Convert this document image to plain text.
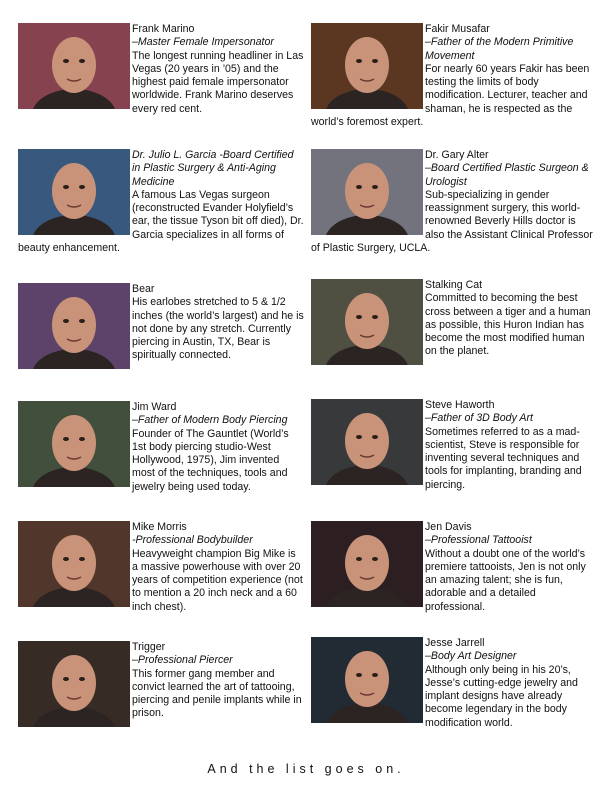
Frank Marino
–Master Female Impersonator
The longest running headliner in Las Vegas (20 years in ’05) and the highest paid female impersonator worldwide. Frank Marino deserves every red cent.
Dr. Julio L. Garcia -Board Certified in Plastic Surgery & Anti-Aging Medicine
A famous Las Vegas surgeon (reconstructed Evander Holyfield’s ear, the tissue Tyson bit off died), Dr. Garcia specializes in all forms of beauty enhancement.
Bear
His earlobes stretched to 5 & 1/2 inches (the world’s largest) and he is not done by any stretch. Currently piercing in Austin, TX, Bear is spiritually connected.
Jim Ward
–Father of Modern Body Piercing
Founder of The Gauntlet (World’s 1st body piercing studio-West Hollywood, 1975), Jim invented most of the techniques, tools and jewelry being used today.
Mike Morris
-Professional Bodybuilder
Heavyweight champion Big Mike is a massive powerhouse with over 20 years of competition experience (not to mention a 20 inch neck and a 60 inch chest).
Trigger
–Professional Piercer
This former gang member and convict learned the art of tattooing, piercing and penile implants while in prison.
Fakir Musafar
–Father of the Modern Primitive Movement
For nearly 60 years Fakir has been testing the limits of body modification. Lecturer, teacher and shaman, he is respected as the world’s foremost expert.
Dr. Gary Alter
–Board Certified Plastic Surgeon & Urologist
Sub-specializing in gender reassignment surgery, this world-renowned Beverly Hills doctor is also the Assistant Clinical Professor of Plastic Surgery, UCLA.
Stalking Cat
Committed to becoming the best cross between a tiger and a human as possible, this Huron Indian has become the most modified human on the planet.
Steve Haworth
–Father of 3D Body Art
Sometimes referred to as a mad-scientist, Steve is responsible for inventing several techniques and tools for implanting, branding and piercing.
Jen Davis
–Professional Tattooist
Without a doubt one of the world’s premiere tattooists, Jen is not only an amazing talent; she is fun, adorable and a detailed professional.
Jesse Jarrell
–Body Art Designer
Although only being in his 20’s, Jesse’s cutting-edge jewelry and implant designs have already become legendary in the body modification world.
And the list goes on.
